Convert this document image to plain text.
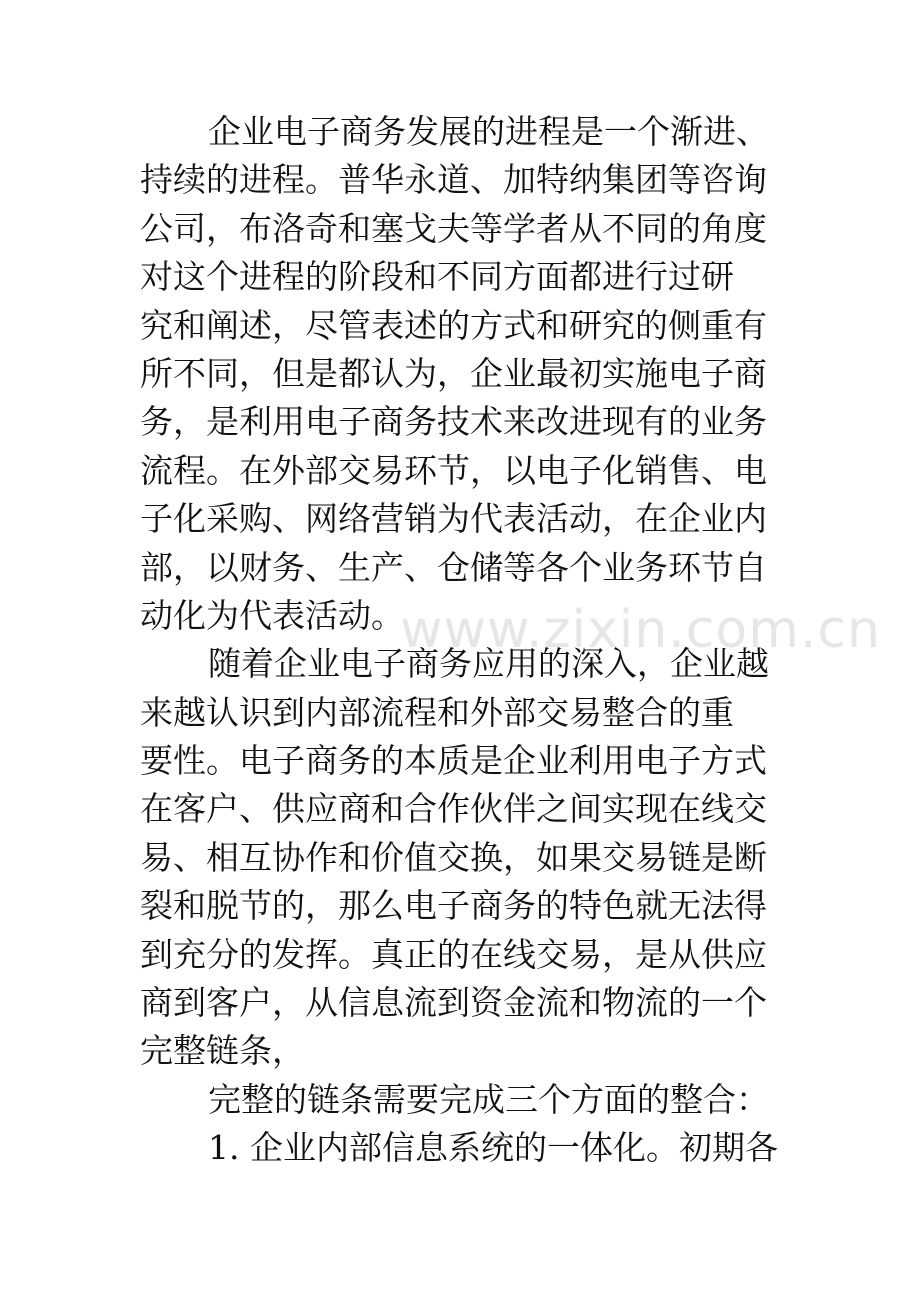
www.zixin.com.cn
企业电子商务发展的进程是一个渐进、
持续的进程。普华永道、加特纳集团等咨询
公司，布洛奇和塞戈夫等学者从不同的角度
对这个进程的阶段和不同方面都进行过研
究和阐述，尽管表述的方式和研究的侧重有
所不同，但是都认为，企业最初实施电子商
务，是利用电子商务技术来改进现有的业务
流程。在外部交易环节，以电子化销售、电
子化采购、网络营销为代表活动，在企业内
部，以财务、生产、仓储等各个业务环节自
动化为代表活动。
随着企业电子商务应用的深入，企业越
来越认识到内部流程和外部交易整合的重
要性。电子商务的本质是企业利用电子方式
在客户、供应商和合作伙伴之间实现在线交
易、相互协作和价值交换，如果交易链是断
裂和脱节的，那么电子商务的特色就无法得
到充分的发挥。真正的在线交易，是从供应
商到客户，从信息流到资金流和物流的一个
完整链条，
完整的链条需要完成三个方面的整合：
1. 企业内部信息系统的一体化。初期各
